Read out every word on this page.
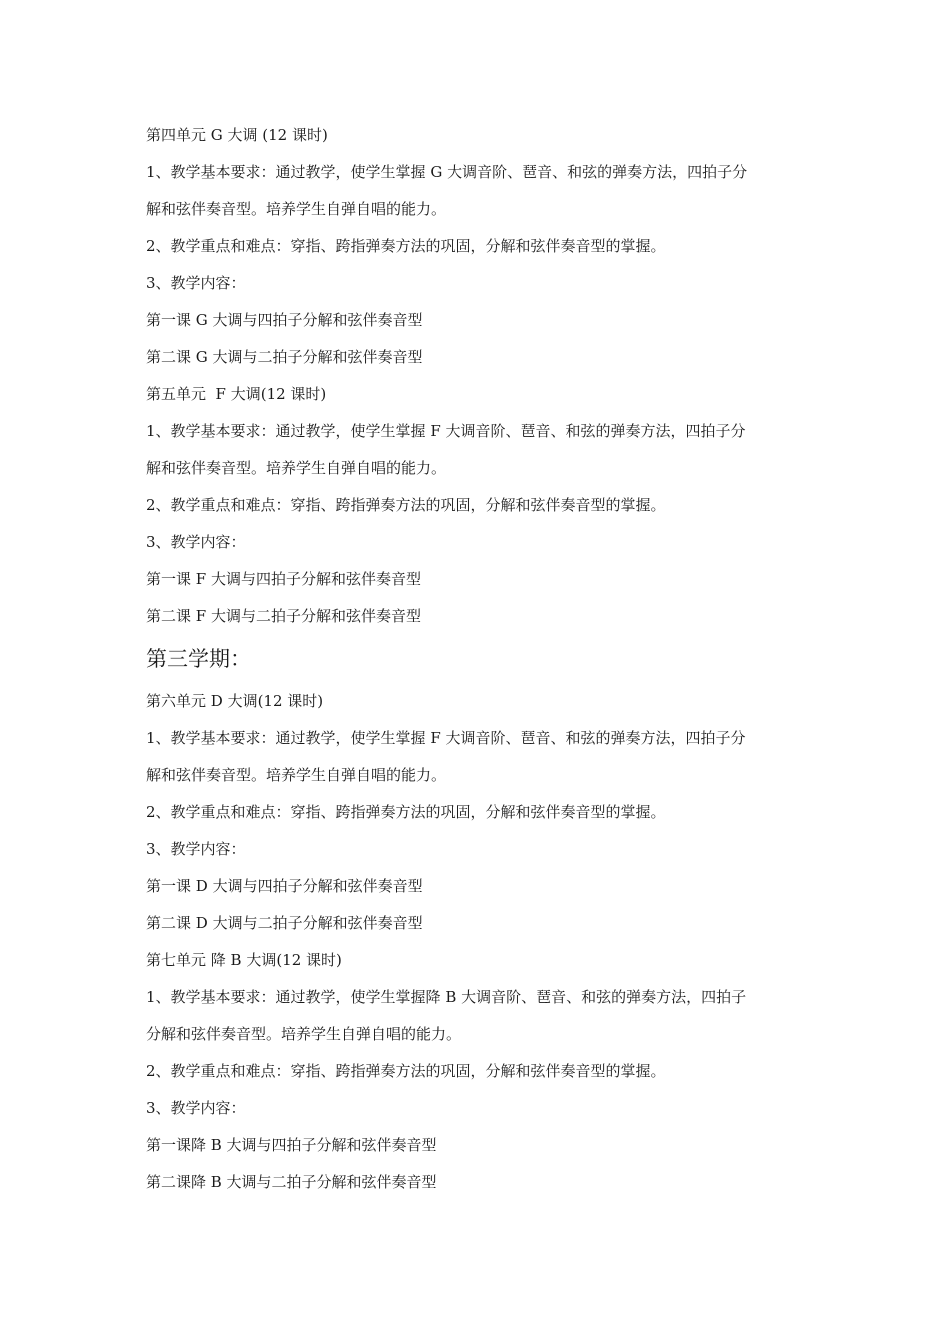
第四单元 G 大调 (12 课时)
1、教学基本要求：通过教学，使学生掌握 G 大调音阶、琶音、和弦的弹奏方法，四拍子分
解和弦伴奏音型。培养学生自弹自唱的能力。
2、教学重点和难点：穿指、跨指弹奏方法的巩固，分解和弦伴奏音型的掌握。
3、教学内容：
第一课 G 大调与四拍子分解和弦伴奏音型
第二课 G 大调与二拍子分解和弦伴奏音型
第五单元  F 大调(12 课时)
1、教学基本要求：通过教学，使学生掌握 F 大调音阶、琶音、和弦的弹奏方法，四拍子分
解和弦伴奏音型。培养学生自弹自唱的能力。
2、教学重点和难点：穿指、跨指弹奏方法的巩固，分解和弦伴奏音型的掌握。
3、教学内容：
第一课 F 大调与四拍子分解和弦伴奏音型
第二课 F 大调与二拍子分解和弦伴奏音型
第三学期：
第六单元 D 大调(12 课时)
1、教学基本要求：通过教学，使学生掌握 F 大调音阶、琶音、和弦的弹奏方法，四拍子分
解和弦伴奏音型。培养学生自弹自唱的能力。
2、教学重点和难点：穿指、跨指弹奏方法的巩固，分解和弦伴奏音型的掌握。
3、教学内容：
第一课 D 大调与四拍子分解和弦伴奏音型
第二课 D 大调与二拍子分解和弦伴奏音型
第七单元 降 B 大调(12 课时)
1、教学基本要求：通过教学，使学生掌握降 B 大调音阶、琶音、和弦的弹奏方法，四拍子
分解和弦伴奏音型。培养学生自弹自唱的能力。
2、教学重点和难点：穿指、跨指弹奏方法的巩固，分解和弦伴奏音型的掌握。
3、教学内容：
第一课降 B 大调与四拍子分解和弦伴奏音型
第二课降 B 大调与二拍子分解和弦伴奏音型
